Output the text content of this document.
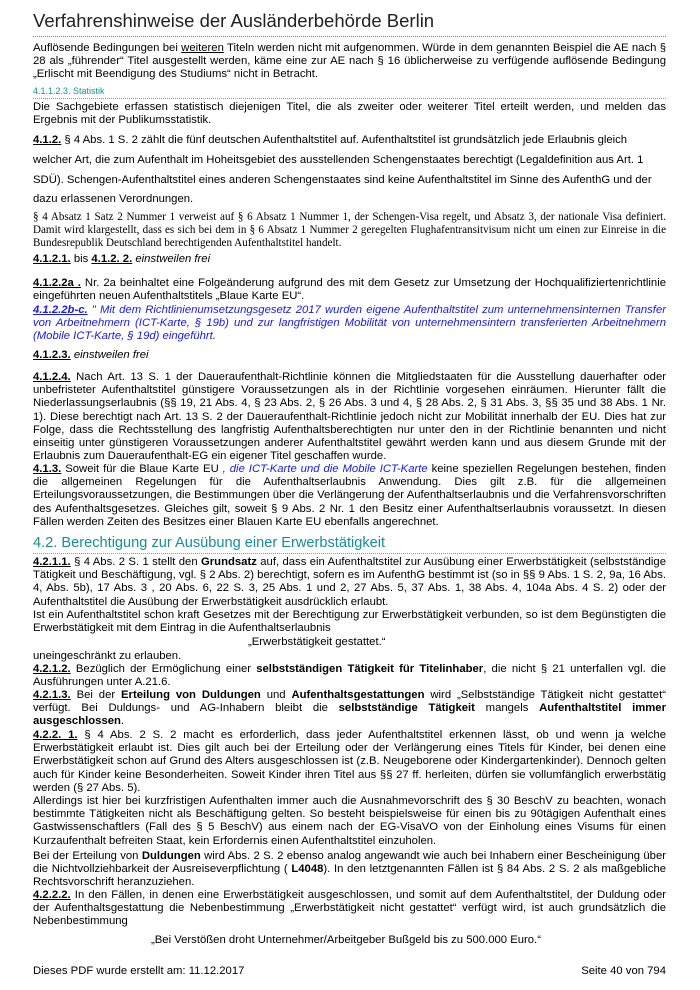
Verfahrenshinweise der Ausländerbehörde Berlin

Auflösende Bedingungen bei weiteren Titeln werden nicht mit aufgenommen. Würde in dem genannten Beispiel die AE nach § 28 als „führender“ Titel ausgestellt werden, käme eine zur AE nach § 16 üblicherweise zu verfügende auflösende Bedingung „Erlischt mit Beendigung des Studiums“ nicht in Betracht.

4.1.1.2.3. Statistik

Die Sachgebiete erfassen statistisch diejenigen Titel, die als zweiter oder weiterer Titel erteilt werden, und melden das Ergebnis mit der Publikumsstatistik.

4.1.2. § 4 Abs. 1 S. 2 zählt die fünf deutschen Aufenthaltstitel auf. Aufenthaltstitel ist grundsätzlich jede Erlaubnis gleich welcher Art, die zum Aufenthalt im Hoheitsgebiet des ausstellenden Schengenstaates berechtigt (Legaldefinition aus Art. 1 SDÜ). Schengen-Aufenthaltstitel eines anderen Schengenstaates sind keine Aufenthaltstitel im Sinne des AufenthG und der dazu erlassenen Verordnungen.

§ 4 Absatz 1 Satz 2 Nummer 1 verweist auf § 6 Absatz 1 Nummer 1, der Schengen-Visa regelt, und Absatz 3, der nationale Visa definiert. Damit wird klargestellt, dass es sich bei dem in § 6 Absatz 1 Nummer 2 geregelten Flughafentransitvisum nicht um einen zur Einreise in die Bundesrepublik Deutschland berechtigenden Aufenthaltstitel handelt.

4.1.2.1. bis 4.1.2. 2. einstweilen frei

4.1.2.2a . Nr. 2a beinhaltet eine Folgeänderung aufgrund des mit dem Gesetz zur Umsetzung der Hochqualifiziertenrichtlinie eingeführten neuen Aufenthaltstitels „Blaue Karte EU“.

4.1.2.2b-c. " Mit dem Richtlinienumsetzungsgesetz 2017 wurden eigene Aufenthaltstitel zum unternehmensinternen Transfer von Arbeitnehmern (ICT-Karte, § 19b) und zur langfristigen Mobilität von unternehmensintern transferierten Arbeitnehmern (Mobile ICT-Karte, § 19d) eingeführt.

4.1.2.3. einstweilen frei

4.1.2.4. Nach Art. 13 S. 1 der Daueraufenthalt-Richtlinie können die Mitgliedstaaten für die Ausstellung dauerhafter oder unbefristeter Aufenthaltstitel günstigere Voraussetzungen als in der Richtlinie vorgesehen einräumen. Hierunter fällt die Niederlassungserlaubnis (§§ 19, 21 Abs. 4, § 23 Abs. 2, § 26 Abs. 3 und 4, § 28 Abs. 2, § 31 Abs. 3, §§ 35 und 38 Abs. 1 Nr. 1). Diese berechtigt nach Art. 13 S. 2 der Daueraufenthalt-Richtlinie jedoch nicht zur Mobilität innerhalb der EU. Dies hat zur Folge, dass die Rechtsstellung des langfristig Aufenthaltsberechtigten nur unter den in der Richtlinie benannten und nicht einseitig unter günstigeren Voraussetzungen anderer Aufenthaltstitel gewährt werden kann und aus diesem Grunde mit der Erlaubnis zum Daueraufenthalt-EG ein eigener Titel geschaffen wurde.

4.1.3. Soweit für die Blaue Karte EU , die ICT-Karte und die Mobile ICT-Karte keine speziellen Regelungen bestehen, finden die allgemeinen Regelungen für die Aufenthaltserlaubnis Anwendung. Dies gilt z.B. für die allgemeinen Erteilungsvoraussetzungen, die Bestimmungen über die Verlängerung der Aufenthaltserlaubnis und die Verfahrensvorschriften des Aufenthaltsgesetzes. Gleiches gilt, soweit § 9 Abs. 2 Nr. 1 den Besitz einer Aufenthaltserlaubnis voraussetzt. In diesen Fällen werden Zeiten des Besitzes einer Blauen Karte EU ebenfalls angerechnet.

4.2. Berechtigung zur Ausübung einer Erwerbstätigkeit

4.2.1.1. § 4 Abs. 2 S. 1 stellt den Grundsatz auf, dass ein Aufenthaltstitel zur Ausübung einer Erwerbstätigkeit (selbstständige Tätigkeit und Beschäftigung, vgl. § 2 Abs. 2) berechtigt, sofern es im AufenthG bestimmt ist (so in §§ 9 Abs. 1 S. 2, 9a, 16 Abs. 4, Abs. 5b), 17 Abs. 3 , 20 Abs. 6, 22 S. 3, 25 Abs. 1 und 2, 27 Abs. 5, 37 Abs. 1, 38 Abs. 4, 104a Abs. 4 S. 2) oder der Aufenthaltstitel die Ausübung der Erwerbstätigkeit ausdrücklich erlaubt.

Ist ein Aufenthaltstitel schon kraft Gesetzes mit der Berechtigung zur Erwerbstätigkeit verbunden, so ist dem Begünstigten die Erwerbstätigkeit mit dem Eintrag in die Aufenthaltserlaubnis

„Erwerbstätigkeit gestattet.“

uneingeschränkt zu erlauben.

4.2.1.2. Bezüglich der Ermöglichung einer selbstständigen Tätigkeit für Titelinhaber, die nicht § 21 unterfallen vgl. die Ausführungen unter A.21.6.

4.2.1.3. Bei der Erteilung von Duldungen und Aufenthaltsgestattungen wird „Selbstständige Tätigkeit nicht gestattet“ verfügt. Bei Duldungs- und AG-Inhabern bleibt die selbstständige Tätigkeit mangels Aufenthaltstitel immer ausgeschlossen.

4.2.2. 1. § 4 Abs. 2 S. 2 macht es erforderlich, dass jeder Aufenthaltstitel erkennen lässt, ob und wenn ja welche Erwerbstätigkeit erlaubt ist. Dies gilt auch bei der Erteilung oder der Verlängerung eines Titels für Kinder, bei denen eine Erwerbstätigkeit schon auf Grund des Alters ausgeschlossen ist (z.B. Neugeborene oder Kindergartenkinder). Dennoch gelten auch für Kinder keine Besonderheiten. Soweit Kinder ihren Titel aus §§ 27 ff. herleiten, dürfen sie vollumfänglich erwerbstätig werden (§ 27 Abs. 5).

Allerdings ist hier bei kurzfristigen Aufenthalten immer auch die Ausnahmevorschrift des § 30 BeschV zu beachten, wonach bestimmte Tätigkeiten nicht als Beschäftigung gelten. So besteht beispielsweise für einen bis zu 90tägigen Aufenthalt eines Gastwissenschaftlers (Fall des § 5 BeschV) aus einem nach der EG-VisaVO von der Einholung eines Visums für einen Kurzaufenthalt befreiten Staat, kein Erfordernis einen Aufenthaltstitel einzuholen.

Bei der Erteilung von Duldungen wird Abs. 2 S. 2 ebenso analog angewandt wie auch bei Inhabern einer Bescheinigung über die Nichtvollziehbarkeit der Ausreiseverpflichtung ( L4048). In den letztgenannten Fällen ist § 84 Abs. 2 S. 2 als maßgebliche Rechtsvorschrift heranzuziehen.

4.2.2.2. In den Fällen, in denen eine Erwerbstätigkeit ausgeschlossen, und somit auf dem Aufenthaltstitel, der Duldung oder der Aufenthaltsgestattung die Nebenbestimmung „Erwerbstätigkeit nicht gestattet“ verfügt wird, ist auch grundsätzlich die Nebenbestimmung

„Bei Verstößen droht Unternehmer/Arbeitgeber Bußgeld bis zu 500.000 Euro.“

Dieses PDF wurde erstellt am: 11.12.2017	Seite 40 von 794
